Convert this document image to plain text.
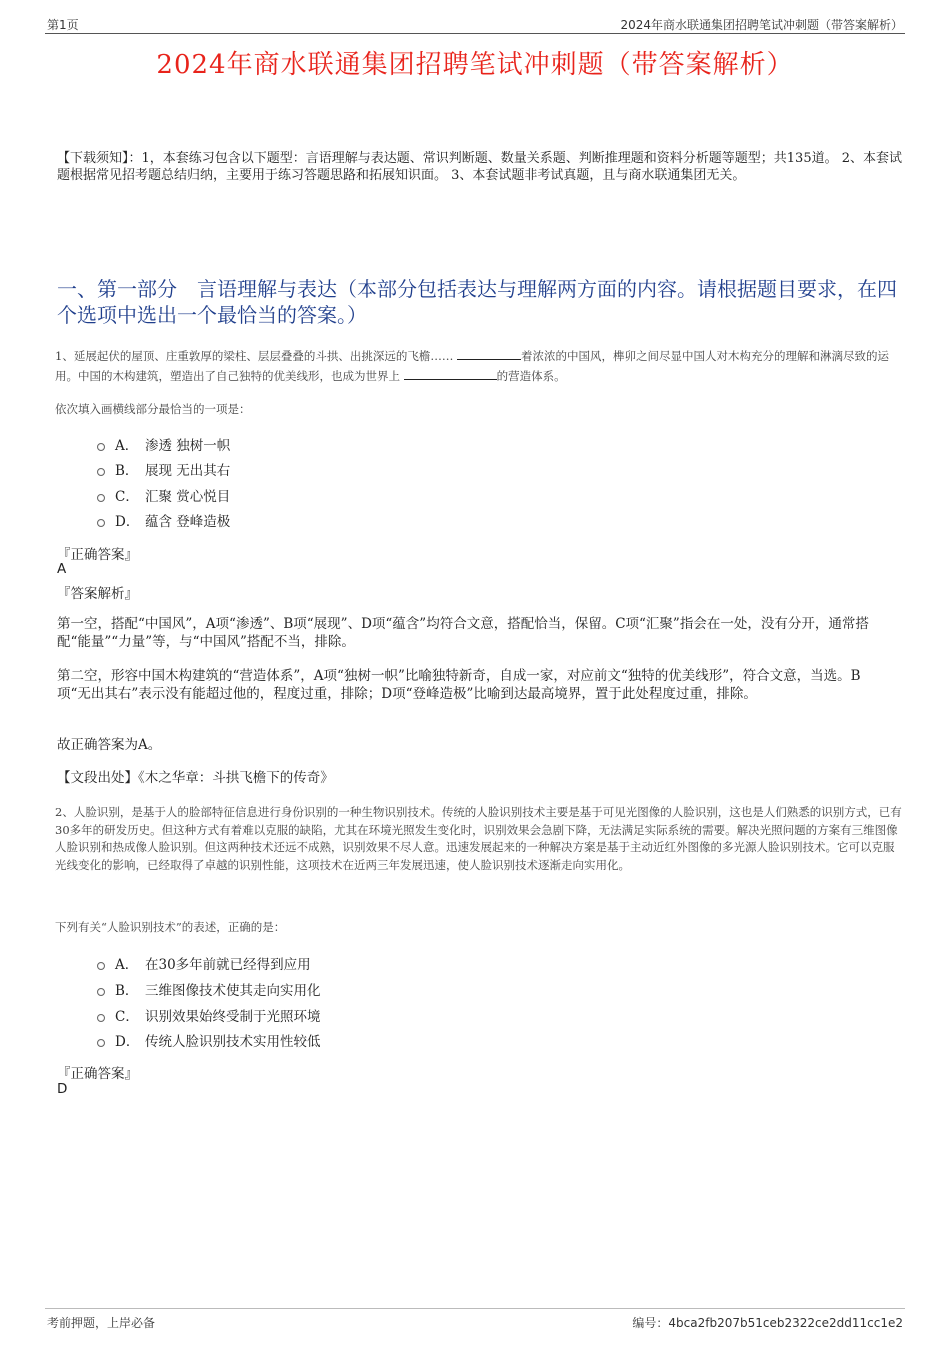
第1页	2024年商水联通集团招聘笔试冲刺题（带答案解析）
2024年商水联通集团招聘笔试冲刺题（带答案解析）
【下载须知】：1，本套练习包含以下题型：言语理解与表达题、常识判断题、数量关系题、判断推理题和资料分析题等题型；共135道。 2、本套试题根据常见招考题总结归纳，主要用于练习答题思路和拓展知识面。 3、本套试题非考试真题，且与商水联通集团无关。
一、第一部分　言语理解与表达（本部分包括表达与理解两方面的内容。请根据题目要求，在四个选项中选出一个最恰当的答案。）
1、延展起伏的屋顶、庄重敦厚的梁柱、层层叠叠的斗拱、出挑深远的飞檐……	着浓浓的中国风，榫卯之间尽显中国人对木构充分的理解和淋漓尽致的运用。中国的木构建筑，塑造出了自己独特的优美线形，也成为世界上	的营造体系。
依次填入画横线部分最恰当的一项是：
A． 渗透 独树一帜
B． 展现 无出其右
C． 汇聚 赏心悦目
D． 蕴含 登峰造极
『正确答案』
A
『答案解析』
第一空，搭配“中国风”，A项“渗透”、B项“展现”、D项“蕴含”均符合文意，搭配恰当，保留。C项“汇聚”指会在一处，没有分开，通常搭配“能量”“力量”等，与“中国风”搭配不当，排除。
第二空，形容中国木构建筑的“营造体系”，A项“独树一帜”比喻独特新奇，自成一家，对应前文“独特的优美线形”，符合文意，当选。B项“无出其右”表示没有能超过他的，程度过重，排除；D项“登峰造极”比喻到达最高境界，置于此处程度过重，排除。
故正确答案为A。
【文段出处】《木之华章：斗拱飞檐下的传奇》
2、人脸识别，是基于人的脸部特征信息进行身份识别的一种生物识别技术。传统的人脸识别技术主要是基于可见光图像的人脸识别，这也是人们熟悉的识别方式，已有30多年的研发历史。但这种方式有着难以克服的缺陷，尤其在环境光照发生变化时，识别效果会急剧下降，无法满足实际系统的需要。解决光照问题的方案有三维图像人脸识别和热成像人脸识别。但这两种技术还远不成熟，识别效果不尽人意。迅速发展起来的一种解决方案是基于主动近红外图像的多光源人脸识别技术。它可以克服光线变化的影响，已经取得了卓越的识别性能，这项技术在近两三年发展迅速，使人脸识别技术逐渐走向实用化。
下列有关“人脸识别技术”的表述，正确的是：
A． 在30多年前就已经得到应用
B． 三维图像技术使其走向实用化
C． 识别效果始终受制于光照环境
D． 传统人脸识别技术实用性较低
『正确答案』
D
考前押题，上岸必备	编号：4bca2fb207b51ceb2322ce2dd11cc1e2
